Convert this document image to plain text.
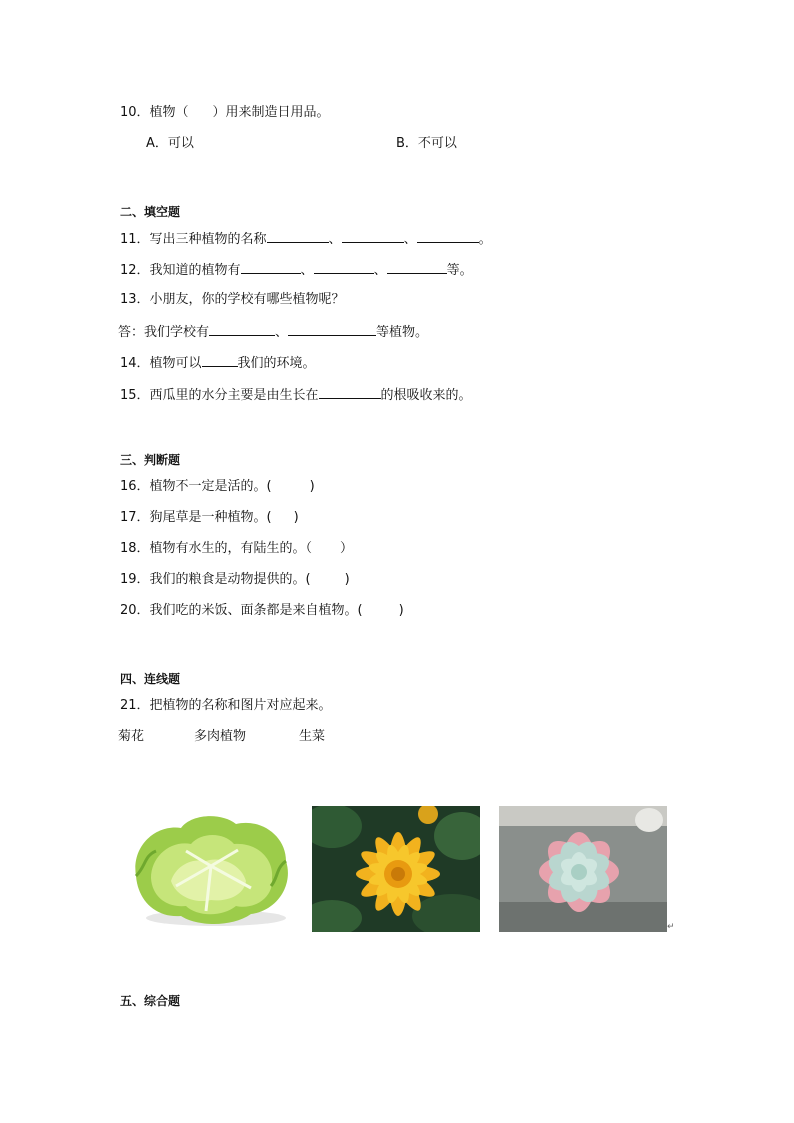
10．植物（ ）用来制造日用品。
A．可以	B．不可以
二、填空题
11．写出三种植物的名称	、	、	。
12．我知道的植物有	、	、	等。
13．小朋友，你的学校有哪些植物呢？
答：我们学校有	、	等植物。
14．植物可以	我们的环境。
15．西瓜里的水分主要是由生长在	的根吸收来的。
三、判断题
16．植物不一定是活的。(	)
17．狗尾草是一种植物。( )
18．植物有水生的，有陆生的。（ ）
19．我们的粮食是动物提供的。(	)
20．我们吃的米饭、面条都是来自植物。(	)
四、连线题
21．把植物的名称和图片对应起来。
菊花	多肉植物	生菜
↵
五、综合题
